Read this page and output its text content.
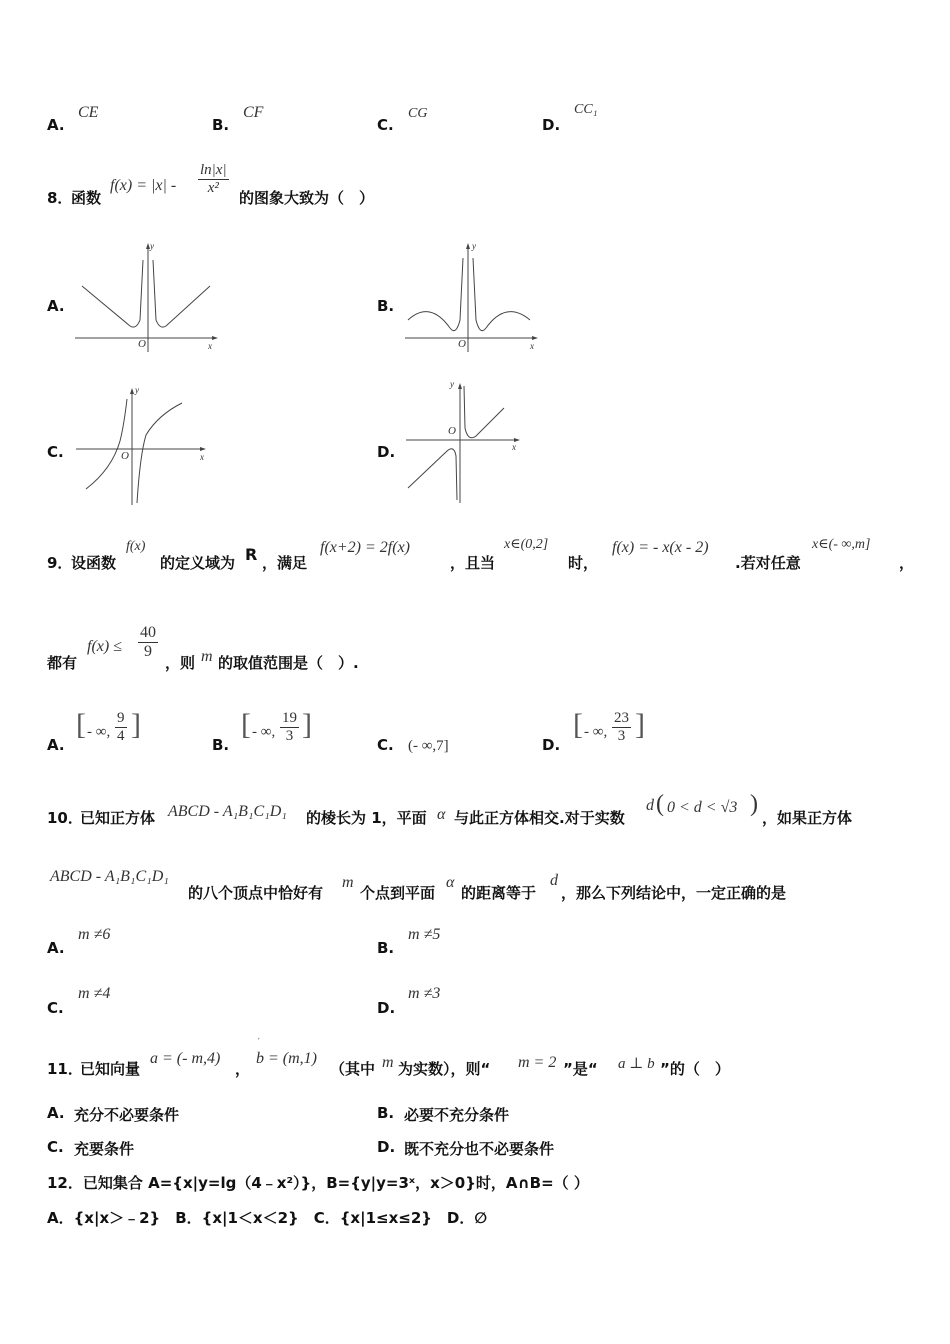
A.
CE
B.
CF
C.
CG
D.
CC₁
8．
函数
$f(x) = |x| - \frac{\ln|x|}{\text{x²}}$
的图象大致为（　）
A.
y
O	x
B.
y
O	x
C.
y
O	x	D.
y
O
x
9．
设函数
f(x)
的定义域为 R ，满足
f(x+2) = 2f(x)
，且当
x∈(0,2]
时，
f(x) = - x(x - 2)
.若对任意
x∈(- ∞,m]
，
都有
$f(x) \le \frac{40}{9}$
，则 m 的取值范围是（　）.
A.
[ - ∞, $\frac{9}{4}$ ]
B.
[ - ∞, $\frac{19}{3}$ ]
C. (- ∞,7]	D.
[ - ∞, $\frac{23}{3}$ ]
10．
已知正方体 ABCD - A₁B₁C₁D₁ 的棱长为 1，平面 α 与此正方体相交.对于实数
d ( 0 < d < √3 )
，如果正方体
ABCD - A₁B₁C₁D₁
的八个顶点中恰好有
m
个点到平面
α
的距离等于
d
，那么下列结论中，一定正确的是
A.
m ≠6
B.
m ≠5
C.
m ≠4
D.
m ≠3
11．
已知向量
a = (- m,4)
，
ˈ
b = (m,1)
（其中 m 为实数），则“ m = 2 ”是“ a ⊥ b ”的（　）
A. 充分不必要条件	B. 必要不充分条件
C. 充要条件	D. 既不充分也不必要条件
12．已知集合 A={x|y=lg（4﹣x²）}，B={y|y=3ˣ，x＞0}时，A∩B=（ ）
A．{x|x＞﹣2}　B．{x|1＜x＜2}　C．{x|1≤x≤2}　D．∅
